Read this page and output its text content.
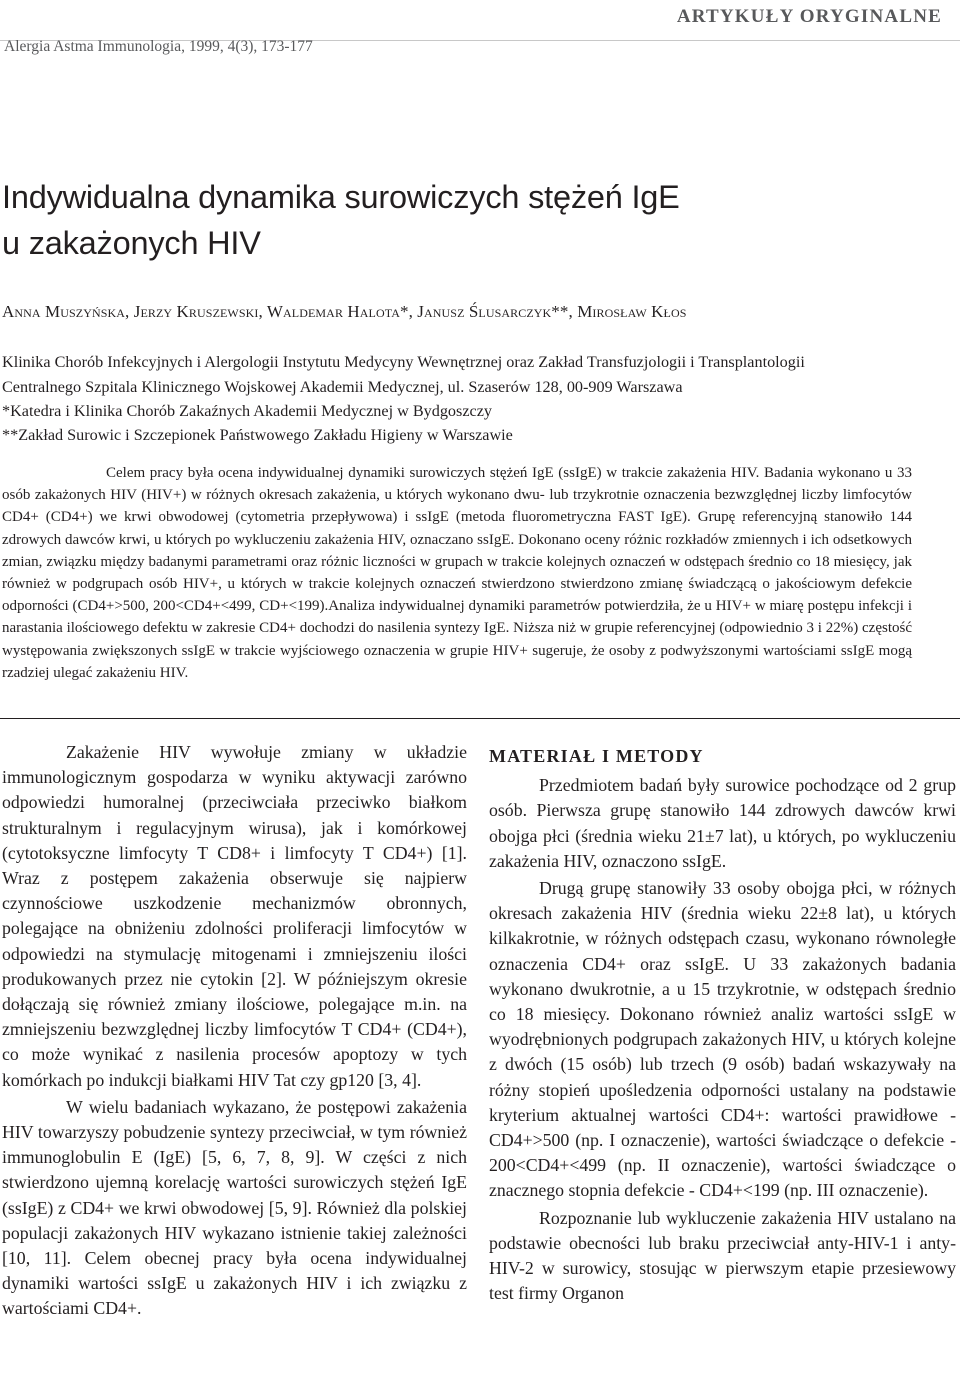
ARTYKUŁY ORYGINALNE
Alergia Astma Immunologia, 1999, 4(3), 173-177
Indywidualna dynamika surowiczych stężeń IgE
u zakażonych HIV
Anna Muszyńska, Jerzy Kruszewski, Waldemar Halota*, Janusz Ślusarczyk**, Mirosław Kłos
Klinika Chorób Infekcyjnych i Alergologii Instytutu Medycyny Wewnętrznej oraz Zakład Transfuzjologii i Transplantologii
Centralnego Szpitala Klinicznego Wojskowej Akademii Medycznej, ul. Szaserów 128, 00-909 Warszawa
*Katedra i Klinika Chorób Zakaźnych Akademii Medycznej w Bydgoszczy
**Zakład Surowic i Szczepionek Państwowego Zakładu Higieny w Warszawie

Celem pracy była ocena indywidualnej dynamiki surowiczych stężeń IgE (ssIgE) w trakcie zakażenia HIV. Badania wykonano u 33 osób zakażonych HIV (HIV+) w różnych okresach zakażenia, u których wykonano dwu- lub trzykrotnie oznaczenia bezwzględnej liczby limfocytów CD4+ (CD4+) we krwi obwodowej (cytometria przepływowa) i ssIgE (metoda fluorometryczna FAST IgE). Grupę referencyjną stanowiło 144 zdrowych dawców krwi, u których po wykluczeniu zakażenia HIV, oznaczano ssIgE. Dokonano oceny różnic rozkładów zmiennych i ich odsetkowych zmian, związku między badanymi parametrami oraz różnic liczności w grupach w trakcie kolejnych oznaczeń w odstępach średnio co 18 miesięcy, jak również w podgrupach osób HIV+, u których w trakcie kolejnych oznaczeń stwierdzono stwierdzono zmianę świadczącą o jakościowym defekcie odporności (CD4+>500, 200<CD4+<499, CD+<199).Analiza indywidualnej dynamiki parametrów potwierdziła, że u HIV+ w miarę postępu infekcji i narastania ilościowego defektu w zakresie CD4+ dochodzi do nasilenia syntezy IgE. Niższa niż w grupie referencyjnej (odpowiednio 3 i 22%) częstość występowania zwiększonych ssIgE w trakcie wyjściowego oznaczenia w grupie HIV+ sugeruje, że osoby z podwyższonymi wartościami ssIgE mogą rzadziej ulegać zakażeniu HIV.

Zakażenie HIV wywołuje zmiany w układzie immunologicznym gospodarza w wyniku aktywacji zarówno odpowiedzi humoralnej (przeciwciała przeciwko białkom strukturalnym i regulacyjnym wirusa), jak i komórkowej (cytotoksyczne limfocyty T CD8+ i limfocyty T CD4+) [1]. Wraz z postępem zakażenia obserwuje się najpierw czynnościowe uszkodzenie mechanizmów obronnych, polegające na obniżeniu zdolności proliferacji limfocytów w odpowiedzi na stymulację mitogenami i zmniejszeniu ilości produkowanych przez nie cytokin [2]. W późniejszym okresie dołączają się również zmiany ilościowe, polegające m.in. na zmniejszeniu bezwzględnej liczby limfocytów T CD4+ (CD4+), co może wynikać z nasilenia procesów apoptozy w tych komórkach po indukcji białkami HIV Tat czy gp120 [3, 4].

W wielu badaniach wykazano, że postępowi zakażenia HIV towarzyszy pobudzenie syntezy przeciwciał, w tym również immunoglobulin E (IgE) [5, 6, 7, 8, 9]. W części z nich stwierdzono ujemną korelację wartości surowiczych stężeń IgE (ssIgE) z CD4+ we krwi obwodowej [5, 9]. Również dla polskiej populacji zakażonych HIV wykazano istnienie takiej zależności [10, 11]. Celem obecnej pracy była ocena indywidualnej dynamiki wartości ssIgE u zakażonych HIV i ich związku z wartościami CD4+.

MATERIAŁ I METODY

Przedmiotem badań były surowice pochodzące od 2 grup osób. Pierwsza grupę stanowiło 144 zdrowych dawców krwi obojga płci (średnia wieku 21±7 lat), u których, po wykluczeniu zakażenia HIV, oznaczono ssIgE.

Drugą grupę stanowiły 33 osoby obojga płci, w różnych okresach zakażenia HIV (średnia wieku 22±8 lat), u których kilkakrotnie, w różnych odstępach czasu, wykonano równoległe oznaczenia CD4+ oraz ssIgE. U 33 zakażonych badania wykonano dwukrotnie, a u 15 trzykrotnie, w odstępach średnio co 18 miesięcy. Dokonano również analiz wartości ssIgE w wyodrębnionych podgrupach zakażonych HIV, u których kolejne z dwóch (15 osób) lub trzech (9 osób) badań wskazywały na różny stopień upośledzenia odporności ustalany na podstawie kryterium aktualnej wartości CD4+: wartości prawidłowe - CD4+>500 (np. I oznaczenie), wartości świadczące o defekcie - 200<CD4+<499 (np. II oznaczenie), wartości świadczące o znacznego stopnia defekcie - CD4+<199 (np. III oznaczenie).

Rozpoznanie lub wykluczenie zakażenia HIV ustalano na podstawie obecności lub braku przeciwciał anty-HIV-1 i anty-HIV-2 w surowicy, stosując w pierwszym etapie przesiewowy test firmy Organon
